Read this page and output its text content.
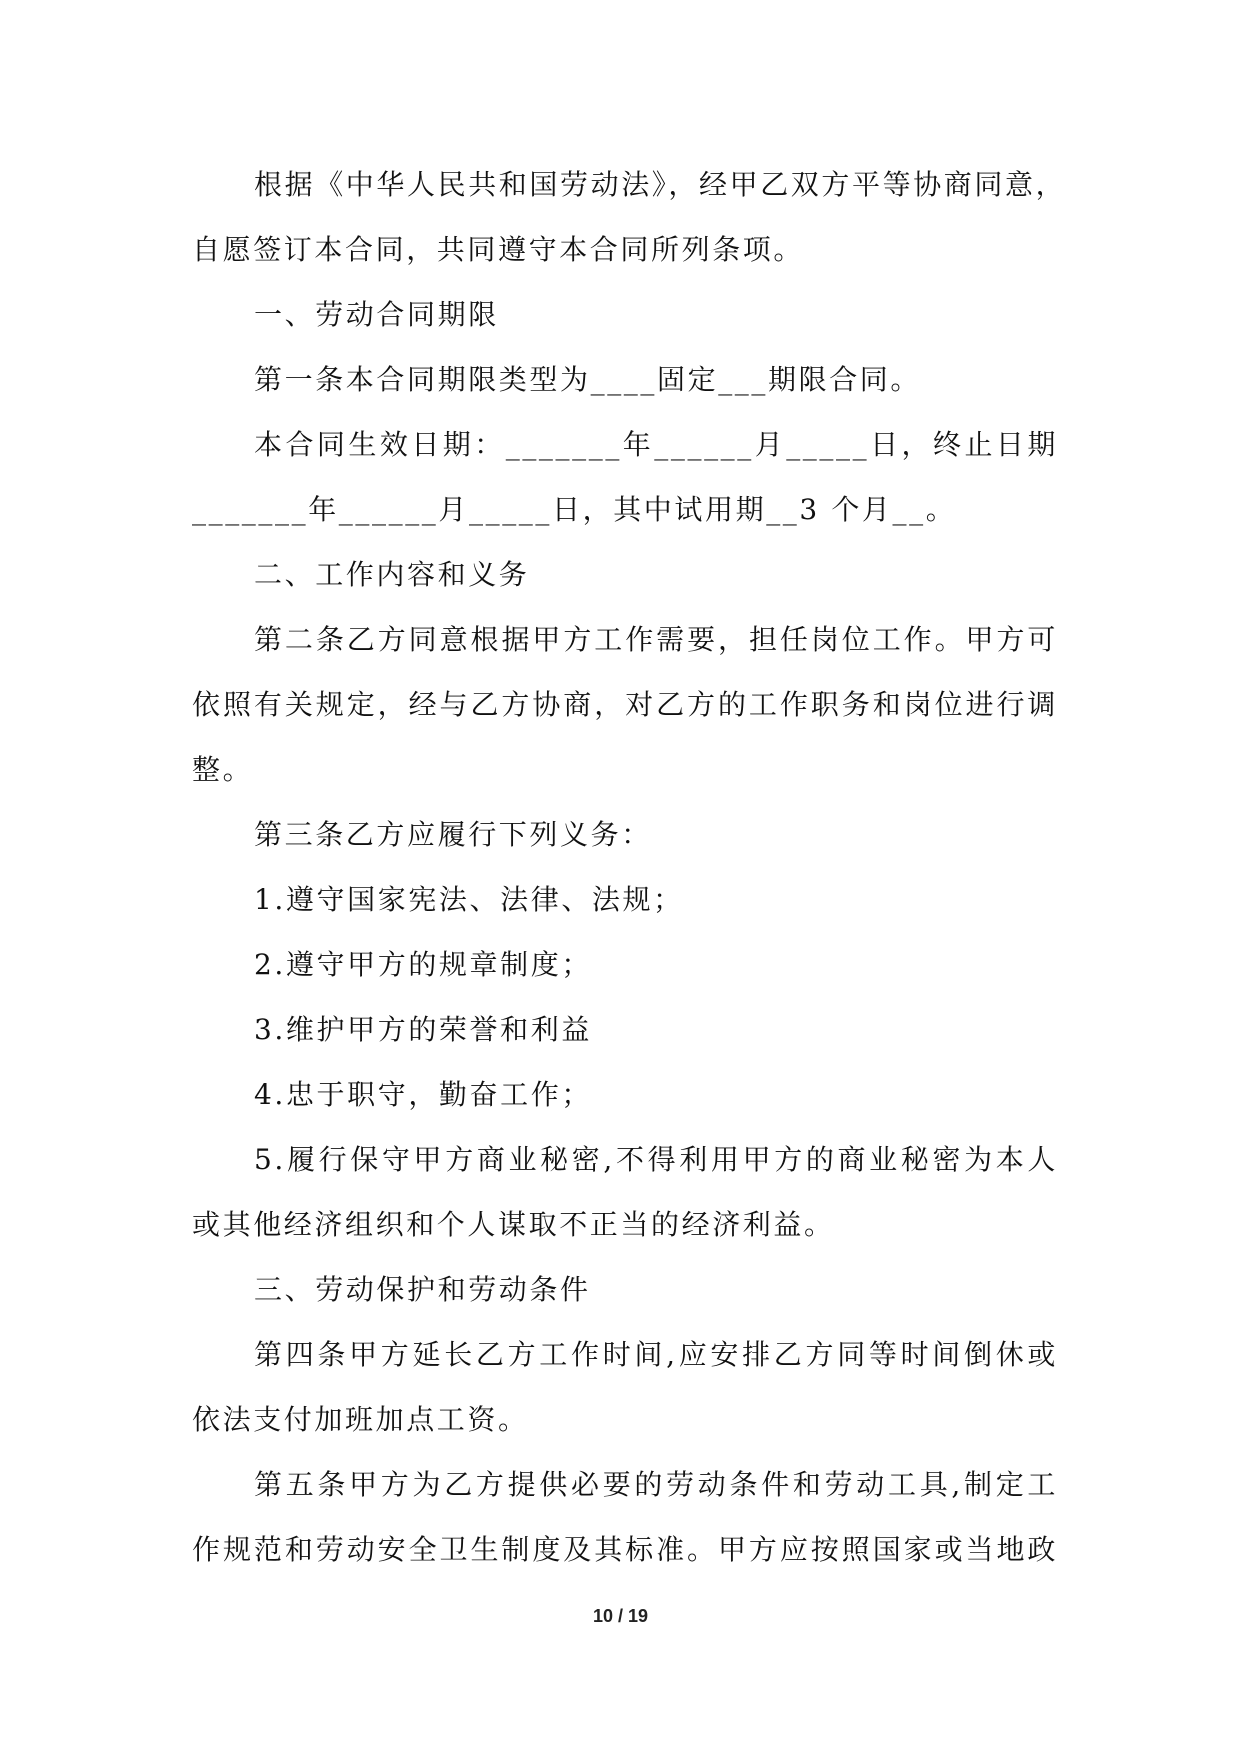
根据《中华人民共和国劳动法》，经甲乙双方平等协商同意，
自愿签订本合同，共同遵守本合同所列条项。
一、劳动合同期限
第一条本合同期限类型为____固定___期限合同。
本合同生效日期：_______年______月_____日，终止日期
_______年______月_____日，其中试用期__3 个月__。
二、工作内容和义务
第二条乙方同意根据甲方工作需要，担任岗位工作。甲方可
依照有关规定，经与乙方协商，对乙方的工作职务和岗位进行调
整。
第三条乙方应履行下列义务：
1.遵守国家宪法、法律、法规；
2.遵守甲方的规章制度；
3.维护甲方的荣誉和利益
4.忠于职守，勤奋工作；
5.履行保守甲方商业秘密,不得利用甲方的商业秘密为本人
或其他经济组织和个人谋取不正当的经济利益。
三、劳动保护和劳动条件
第四条甲方延长乙方工作时间,应安排乙方同等时间倒休或
依法支付加班加点工资。
第五条甲方为乙方提供必要的劳动条件和劳动工具,制定工
作规范和劳动安全卫生制度及其标准。甲方应按照国家或当地政
10 / 19
